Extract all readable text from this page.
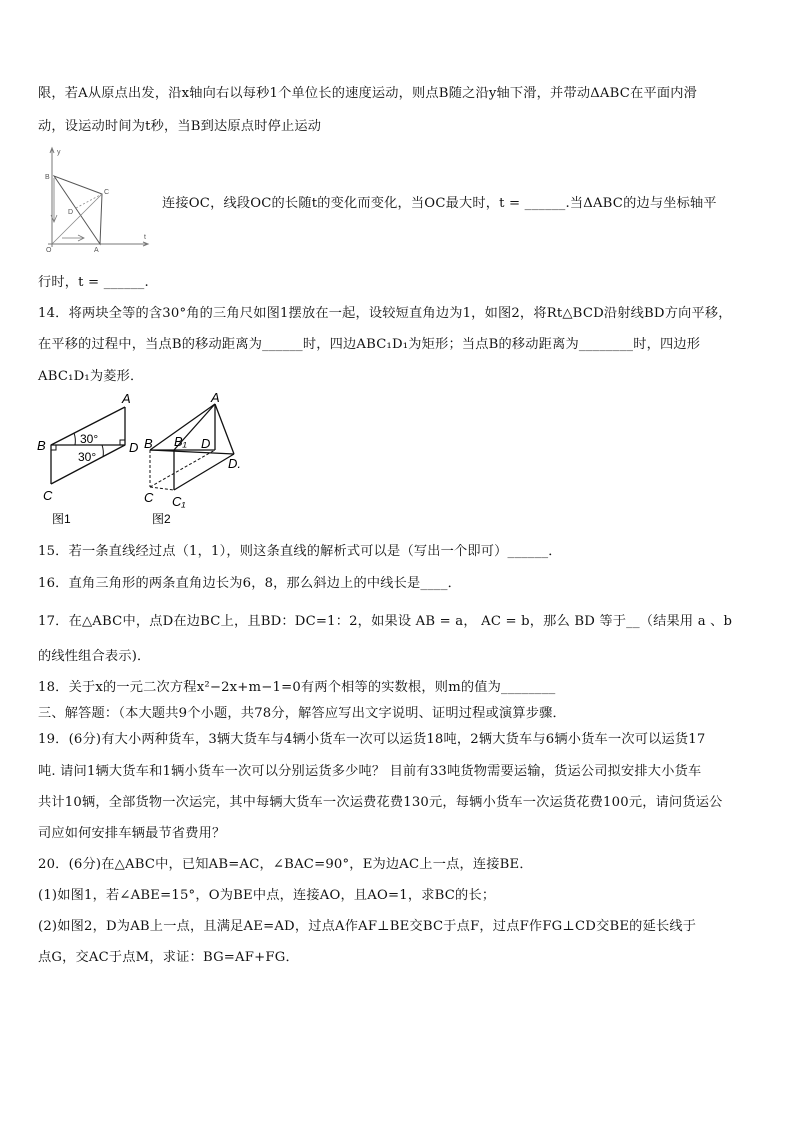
限，若A从原点出发，沿x轴向右以每秒1个单位长的速度运动，则点B随之沿y轴下滑，并带动ΔABC在平面内滑
动，设运动时间为t秒，当B到达原点时停止运动
y
B
C
D
O	A
t
连接OC，线段OC的长随t的变化而变化，当OC最大时，t = ______.当ΔABC的边与坐标轴平
行时，t = ______.
14．将两块全等的含30°角的三角尺如图1摆放在一起，设较短直角边为1，如图2，将Rt△BCD沿射线BD方向平移，
在平移的过程中，当点B的移动距离为______时，四边ABC₁D₁为矩形；当点B的移动距离为________时，四边形
ABC₁D₁为菱形．
A
B	D
C
30°
30°
图1
A
B B₁ D
D.
C C₁
图2
15．若一条直线经过点（1，1），则这条直线的解析式可以是（写出一个即可）______．
16．直角三角形的两条直角边长为6，8，那么斜边上的中线长是____．
17．在△ABC中，点D在边BC上，且BD：DC=1：2，如果设 AB = a， AC = b，那么 BD 等于__（结果用 a 、b
的线性组合表示)．
18．关于x的一元二次方程x²−2x+m−1=0有两个相等的实数根，则m的值为________
三、解答题：（本大题共9个小题，共78分，解答应写出文字说明、证明过程或演算步骤．
19．(6分)有大小两种货车，3辆大货车与4辆小货车一次可以运货18吨，2辆大货车与6辆小货车一次可以运货17
吨. 请问1辆大货车和1辆小货车一次可以分别运货多少吨？ 目前有33吨货物需要运输，货运公司拟安排大小货车
共计10辆，全部货物一次运完，其中每辆大货车一次运费花费130元，每辆小货车一次运货花费100元，请问货运公
司应如何安排车辆最节省费用？
20．(6分)在△ABC中，已知AB=AC，∠BAC=90°，E为边AC上一点，连接BE．
(1)如图1，若∠ABE=15°，O为BE中点，连接AO，且AO=1，求BC的长；
(2)如图2，D为AB上一点，且满足AE=AD，过点A作AF⊥BE交BC于点F，过点F作FG⊥CD交BE的延长线于
点G，交AC于点M，求证：BG=AF+FG．
